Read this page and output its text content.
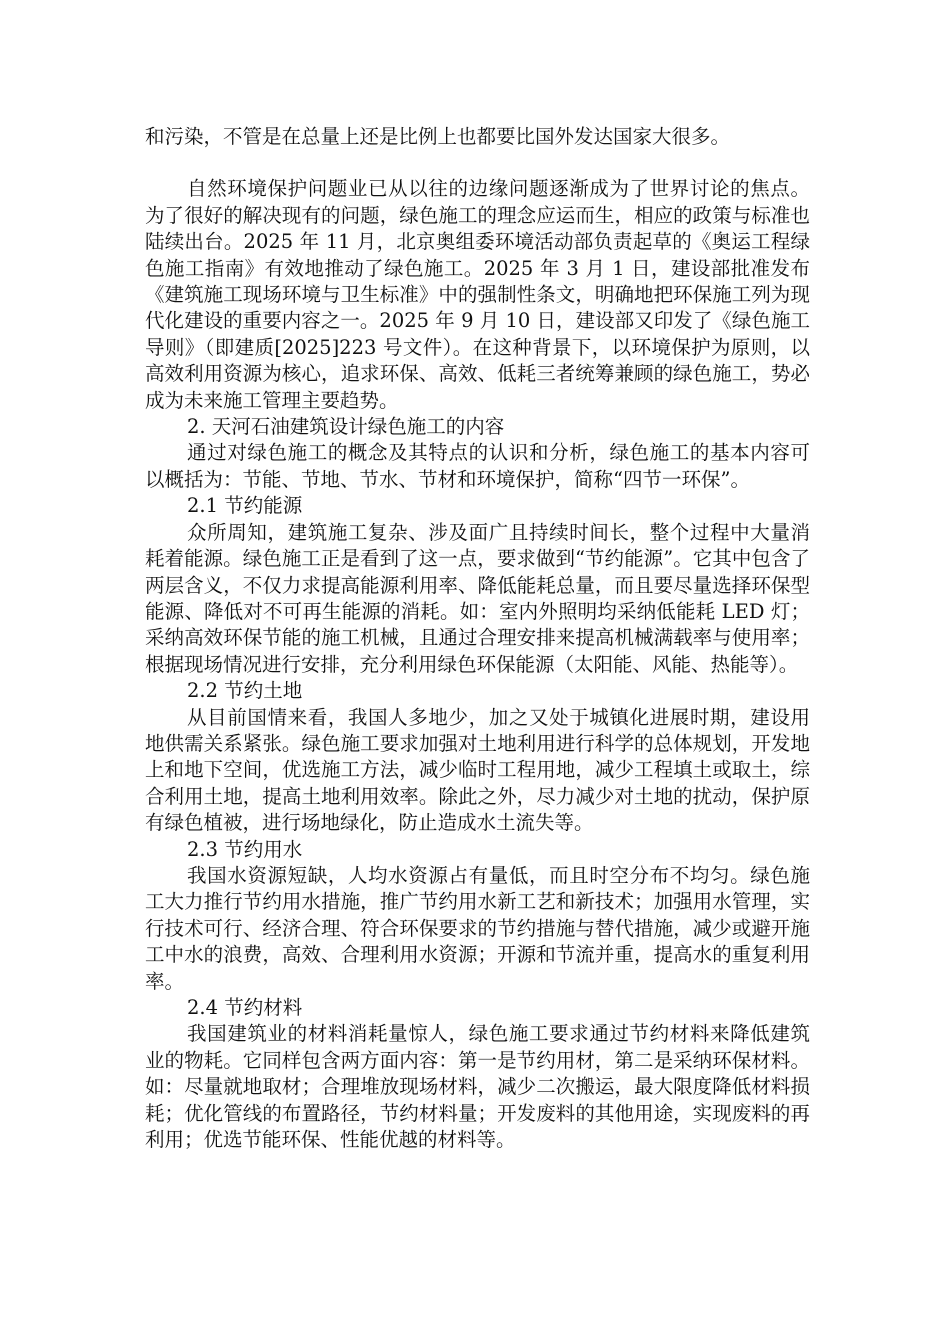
和污染，不管是在总量上还是比例上也都要比国外发达国家大很多。

自然环境保护问题业已从以往的边缘问题逐渐成为了世界讨论的焦点。为了很好的解决现有的问题，绿色施工的理念应运而生，相应的政策与标准也陆续出台。2025 年 11 月，北京奥组委环境活动部负责起草的《奥运工程绿色施工指南》有效地推动了绿色施工。2025 年 3 月 1 日，建设部批准发布《建筑施工现场环境与卫生标准》中的强制性条文，明确地把环保施工列为现代化建设的重要内容之一。2025 年 9 月 10 日，建设部又印发了《绿色施工导则》（即建质[2025]223 号文件）。在这种背景下，以环境保护为原则，以高效利用资源为核心，追求环保、高效、低耗三者统筹兼顾的绿色施工，势必成为未来施工管理主要趋势。

2. 天河石油建筑设计绿色施工的内容

通过对绿色施工的概念及其特点的认识和分析，绿色施工的基本内容可以概括为：节能、节地、节水、节材和环境保护，简称“四节一环保”。

2.1 节约能源

众所周知，建筑施工复杂、涉及面广且持续时间长，整个过程中大量消耗着能源。绿色施工正是看到了这一点，要求做到“节约能源”。它其中包含了两层含义，不仅力求提高能源利用率、降低能耗总量，而且要尽量选择环保型能源、降低对不可再生能源的消耗。如：室内外照明均采纳低能耗 LED 灯；采纳高效环保节能的施工机械，且通过合理安排来提高机械满载率与使用率；根据现场情况进行安排，充分利用绿色环保能源（太阳能、风能、热能等）。

2.2 节约土地

从目前国情来看，我国人多地少，加之又处于城镇化进展时期，建设用地供需关系紧张。绿色施工要求加强对土地利用进行科学的总体规划，开发地上和地下空间，优选施工方法，减少临时工程用地，减少工程填土或取土，综合利用土地，提高土地利用效率。除此之外，尽力减少对土地的扰动，保护原有绿色植被，进行场地绿化，防止造成水土流失等。

2.3 节约用水

我国水资源短缺，人均水资源占有量低，而且时空分布不均匀。绿色施工大力推行节约用水措施，推广节约用水新工艺和新技术；加强用水管理，实行技术可行、经济合理、符合环保要求的节约措施与替代措施，减少或避开施工中水的浪费，高效、合理利用水资源；开源和节流并重，提高水的重复利用率。

2.4 节约材料

我国建筑业的材料消耗量惊人，绿色施工要求通过节约材料来降低建筑业的物耗。它同样包含两方面内容：第一是节约用材，第二是采纳环保材料。如：尽量就地取材；合理堆放现场材料，减少二次搬运，最大限度降低材料损耗；优化管线的布置路径，节约材料量；开发废料的其他用途，实现废料的再利用；优选节能环保、性能优越的材料等。
